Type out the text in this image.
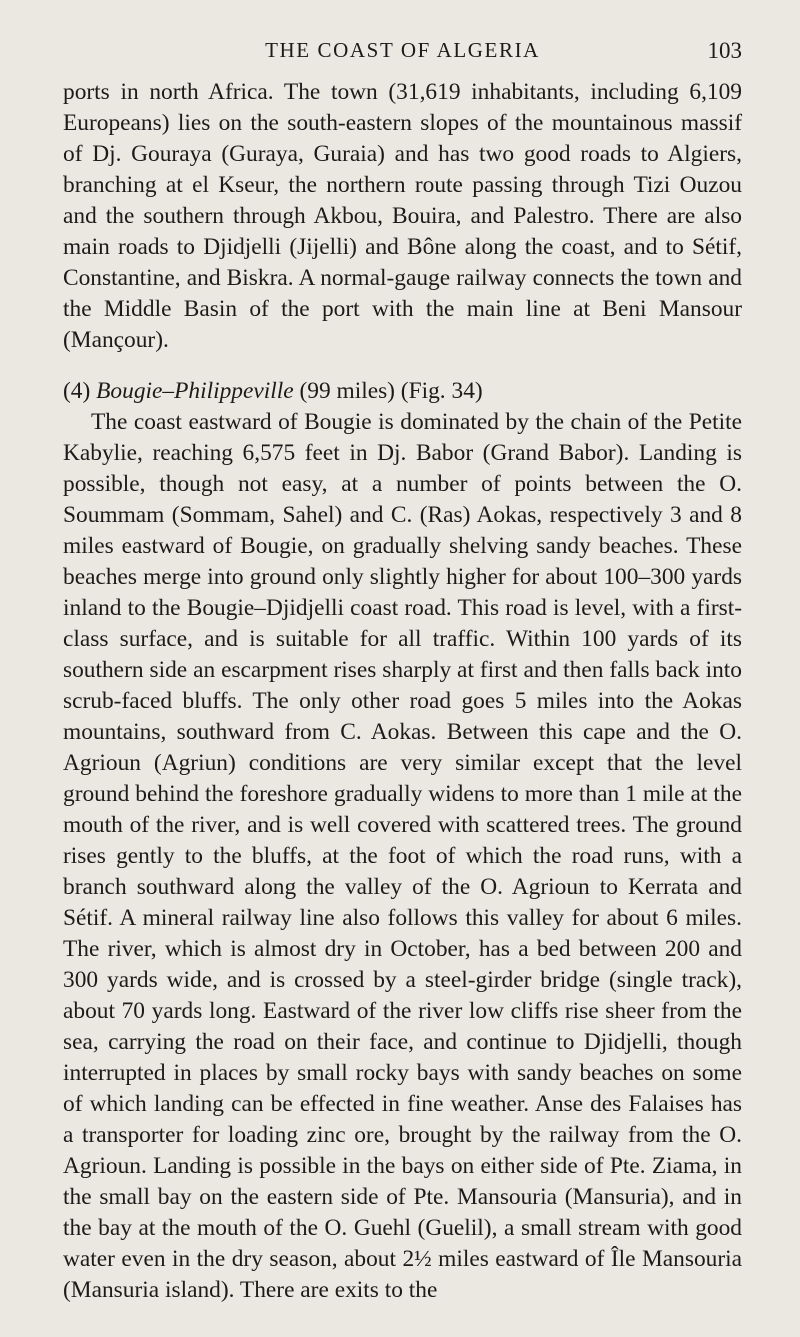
THE COAST OF ALGERIA	103

ports in north Africa. The town (31,619 inhabitants, including 6,109 Europeans) lies on the south-eastern slopes of the mountainous massif of Dj. Gouraya (Guraya, Guraia) and has two good roads to Algiers, branching at el Kseur, the northern route passing through Tizi Ouzou and the southern through Akbou, Bouira, and Palestro. There are also main roads to Djidjelli (Jijelli) and Bône along the coast, and to Sétif, Constantine, and Biskra. A normal-gauge railway connects the town and the Middle Basin of the port with the main line at Beni Mansour (Mançour).

(4) Bougie–Philippeville (99 miles) (Fig. 34)

The coast eastward of Bougie is dominated by the chain of the Petite Kabylie, reaching 6,575 feet in Dj. Babor (Grand Babor). Landing is possible, though not easy, at a number of points between the O. Soummam (Sommam, Sahel) and C. (Ras) Aokas, respectively 3 and 8 miles eastward of Bougie, on gradually shelving sandy beaches. These beaches merge into ground only slightly higher for about 100–300 yards inland to the Bougie–Djidjelli coast road. This road is level, with a first-class surface, and is suitable for all traffic. Within 100 yards of its southern side an escarpment rises sharply at first and then falls back into scrub-faced bluffs. The only other road goes 5 miles into the Aokas mountains, southward from C. Aokas. Between this cape and the O. Agrioun (Agriun) conditions are very similar except that the level ground behind the foreshore gradually widens to more than 1 mile at the mouth of the river, and is well covered with scattered trees. The ground rises gently to the bluffs, at the foot of which the road runs, with a branch southward along the valley of the O. Agrioun to Kerrata and Sétif. A mineral railway line also follows this valley for about 6 miles. The river, which is almost dry in October, has a bed between 200 and 300 yards wide, and is crossed by a steel-girder bridge (single track), about 70 yards long. Eastward of the river low cliffs rise sheer from the sea, carrying the road on their face, and continue to Djidjelli, though interrupted in places by small rocky bays with sandy beaches on some of which landing can be effected in fine weather. Anse des Falaises has a transporter for loading zinc ore, brought by the railway from the O. Agrioun. Landing is possible in the bays on either side of Pte. Ziama, in the small bay on the eastern side of Pte. Mansouria (Mansuria), and in the bay at the mouth of the O. Guehl (Guelil), a small stream with good water even in the dry season, about 2½ miles eastward of Île Mansouria (Mansuria island). There are exits to the
